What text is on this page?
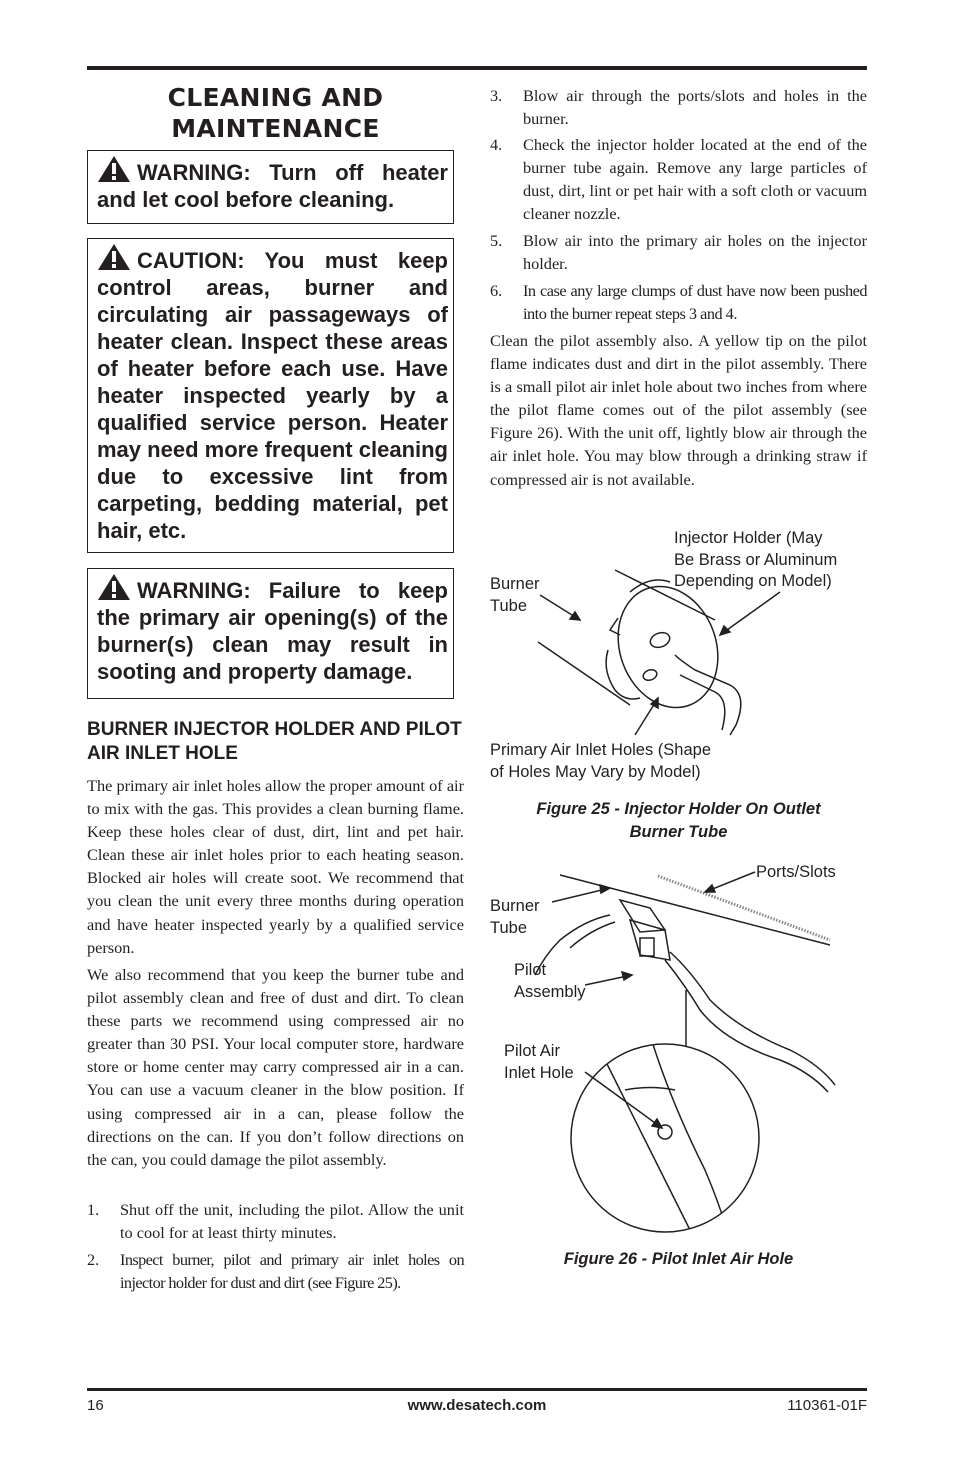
CLEANING AND
MAINTENANCE
WARNING: Turn off heater and let cool before cleaning.
CAUTION: You must keep control areas, burner and circulating air passageways of heater clean. Inspect these areas of heater before each use. Have heater inspected yearly by a qualified service person. Heater may need more frequent cleaning due to excessive lint from carpeting, bedding material, pet hair, etc.
WARNING: Failure to keep the primary air opening(s) of the burner(s) clean may result in sooting and property damage.
BURNER INJECTOR HOLDER AND PILOT AIR INLET HOLE
The primary air inlet holes allow the proper amount of air to mix with the gas. This provides a clean burning flame. Keep these holes clear of dust, dirt, lint and pet hair. Clean these air inlet holes prior to each heating season. Blocked air holes will create soot. We recommend that you clean the unit every three months during operation and have heater inspected yearly by a qualified service person.
We also recommend that you keep the burner tube and pilot assembly clean and free of dust and dirt. To clean these parts we recommend using compressed air no greater than 30 PSI. Your local computer store, hardware store or home center may carry compressed air in a can. You can use a vacuum cleaner in the blow position. If using compressed air in a can, please follow the directions on the can. If you don’t follow directions on the can, you could damage the pilot assembly.
1. Shut off the unit, including the pilot. Allow the unit to cool for at least thirty minutes.
2. Inspect burner, pilot and primary air inlet holes on injector holder for dust and dirt (see Figure 25).
3. Blow air through the ports/slots and holes in the burner.
4. Check the injector holder located at the end of the burner tube again. Remove any large particles of dust, dirt, lint or pet hair with a soft cloth or vacuum cleaner nozzle.
5. Blow air into the primary air holes on the injector holder.
6. In case any large clumps of dust have now been pushed into the burner repeat steps 3 and 4.
Clean the pilot assembly also. A yellow tip on the pilot flame indicates dust and dirt in the pilot assembly. There is a small pilot air inlet hole about two inches from where the pilot flame comes out of the pilot assembly (see Figure 26). With the unit off, lightly blow air through the air inlet hole. You may blow through a drinking straw if compressed air is not available.
Burner
Tube
Injector Holder (May
Be Brass or Aluminum
Depending on Model)
Primary Air Inlet Holes (Shape
of Holes May Vary by Model)
Figure 25 - Injector Holder On Outlet
Burner Tube
Ports/Slots
Burner
Tube
Pilot
Assembly
Pilot Air
Inlet Hole
Figure 26 - Pilot Inlet Air Hole
16	www.desatech.com	110361-01F
